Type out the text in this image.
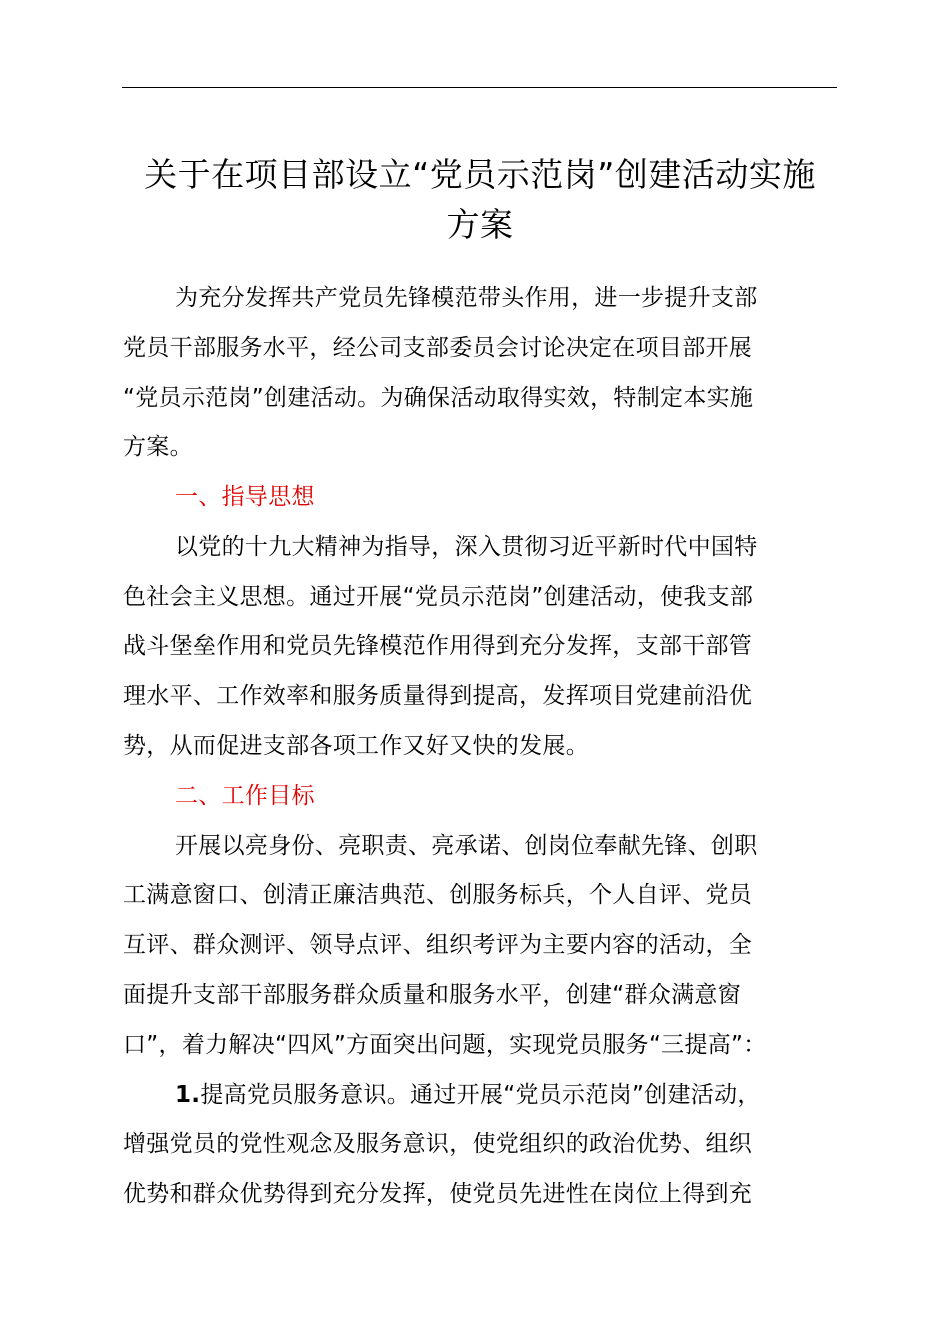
关于在项目部设立“党员示范岗”创建活动实施
方案
为充分发挥共产党员先锋模范带头作用，进一步提升支部
党员干部服务水平，经公司支部委员会讨论决定在项目部开展
“党员示范岗”创建活动。为确保活动取得实效，特制定本实施
方案。
一、指导思想
以党的十九大精神为指导，深入贯彻习近平新时代中国特
色社会主义思想。通过开展“党员示范岗”创建活动，使我支部
战斗堡垒作用和党员先锋模范作用得到充分发挥，支部干部管
理水平、工作效率和服务质量得到提高，发挥项目党建前沿优
势，从而促进支部各项工作又好又快的发展。
二、工作目标
开展以亮身份、亮职责、亮承诺、创岗位奉献先锋、创职
工满意窗口、创清正廉洁典范、创服务标兵，个人自评、党员
互评、群众测评、领导点评、组织考评为主要内容的活动，全
面提升支部干部服务群众质量和服务水平，创建“群众满意窗
口”，着力解决“四风”方面突出问题，实现党员服务“三提高”：
1.提高党员服务意识。通过开展“党员示范岗”创建活动，
增强党员的党性观念及服务意识，使党组织的政治优势、组织
优势和群众优势得到充分发挥，使党员先进性在岗位上得到充
